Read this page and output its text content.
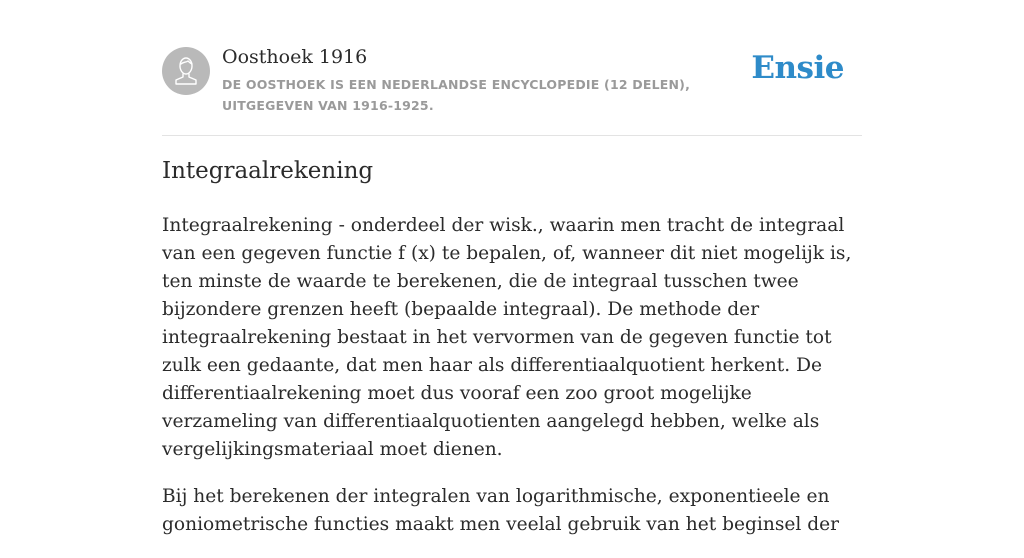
Oosthoek 1916
DE OOSTHOEK IS EEN NEDERLANDSE ENCYCLOPEDIE (12 DELEN), UITGEGEVEN VAN 1916-1925.
Ensie
Integraalrekening

Integraalrekening - onderdeel der wisk., waarin men tracht de integraal van een gegeven functie f (x) te bepalen, of, wanneer dit niet mogelijk is, ten minste de waarde te berekenen, die de integraal tusschen twee bijzondere grenzen heeft (bepaalde integraal). De methode der integraalrekening bestaat in het vervormen van de gegeven functie tot zulk een gedaante, dat men haar als differentiaalquotient herkent. De differentiaalrekening moet dus vooraf een zoo groot mogelijke verzameling van differentiaalquotienten aangelegd hebben, welke als vergelijkingsmateriaal moet dienen.

Bij het berekenen der integralen van logarithmische, exponentieele en goniometrische functies maakt men veelal gebruik van het beginsel der
